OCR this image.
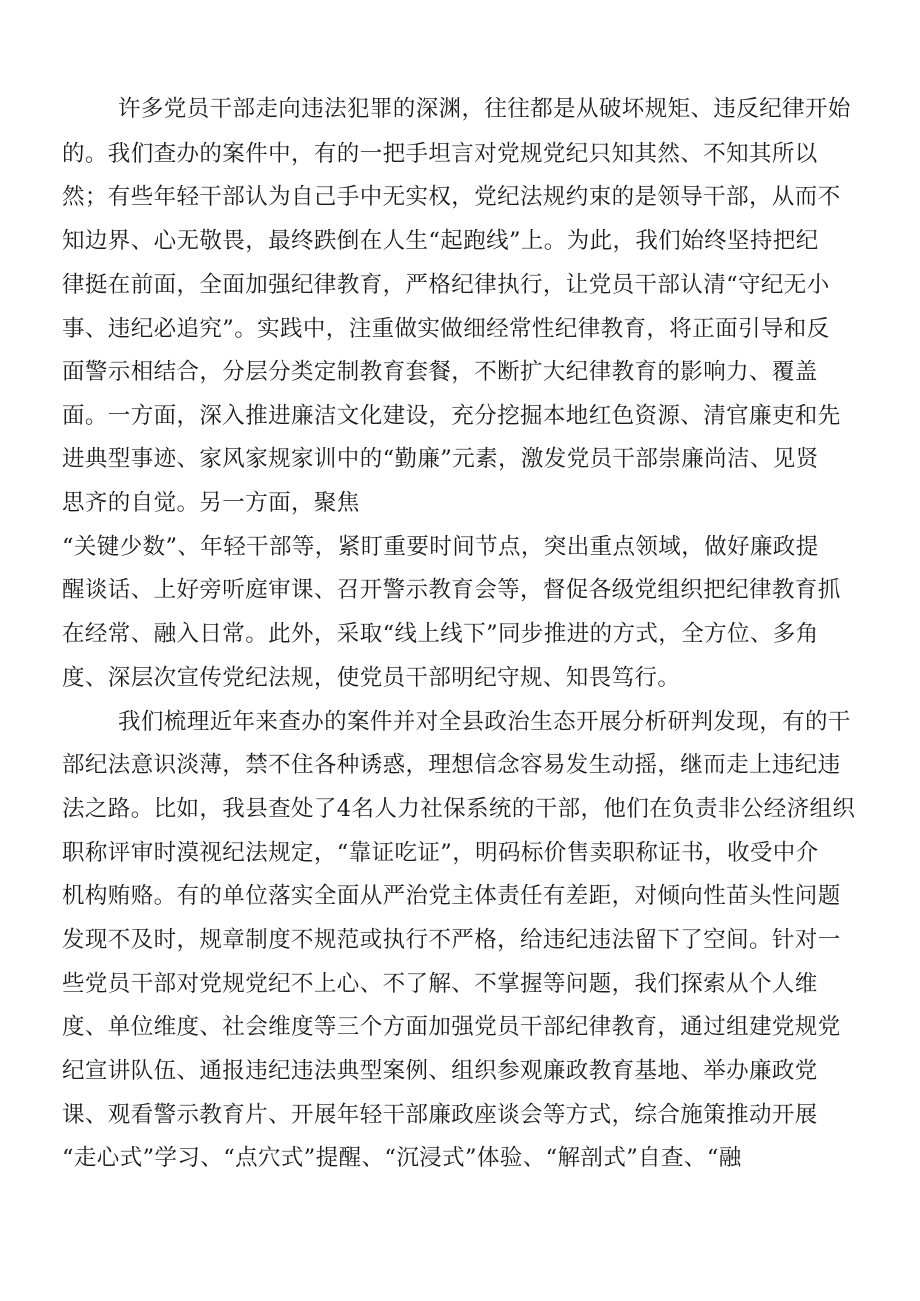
许多党员干部走向违法犯罪的深渊，往往都是从破坏规矩、违反纪律开始
的。我们查办的案件中，有的一把手坦言对党规党纪只知其然、不知其所以
然；有些年轻干部认为自己手中无实权，党纪法规约束的是领导干部，从而不
知边界、心无敬畏，最终跌倒在人生“起跑线”上。为此，我们始终坚持把纪
律挺在前面，全面加强纪律教育，严格纪律执行，让党员干部认清“守纪无小
事、违纪必追究”。实践中，注重做实做细经常性纪律教育，将正面引导和反
面警示相结合，分层分类定制教育套餐，不断扩大纪律教育的影响力、覆盖
面。一方面，深入推进廉洁文化建设，充分挖掘本地红色资源、清官廉吏和先
进典型事迹、家风家规家训中的“勤廉”元素，激发党员干部崇廉尚洁、见贤
思齐的自觉。另一方面，聚焦
“关键少数”、年轻干部等，紧盯重要时间节点，突出重点领域，做好廉政提
醒谈话、上好旁听庭审课、召开警示教育会等，督促各级党组织把纪律教育抓
在经常、融入日常。此外，采取“线上线下”同步推进的方式，全方位、多角
度、深层次宣传党纪法规，使党员干部明纪守规、知畏笃行。
我们梳理近年来查办的案件并对全县政治生态开展分析研判发现，有的干
部纪法意识淡薄，禁不住各种诱惑，理想信念容易发生动摇，继而走上违纪违
法之路。比如，我县查处了4名人力社保系统的干部，他们在负责非公经济组织
职称评审时漠视纪法规定，“靠证吃证”，明码标价售卖职称证书，收受中介
机构贿赂。有的单位落实全面从严治党主体责任有差距，对倾向性苗头性问题
发现不及时，规章制度不规范或执行不严格，给违纪违法留下了空间。针对一
些党员干部对党规党纪不上心、不了解、不掌握等问题，我们探索从个人维
度、单位维度、社会维度等三个方面加强党员干部纪律教育，通过组建党规党
纪宣讲队伍、通报违纪违法典型案例、组织参观廉政教育基地、举办廉政党
课、观看警示教育片、开展年轻干部廉政座谈会等方式，综合施策推动开展
“走心式”学习、“点穴式”提醒、“沉浸式”体验、“解剖式”自查、“融
